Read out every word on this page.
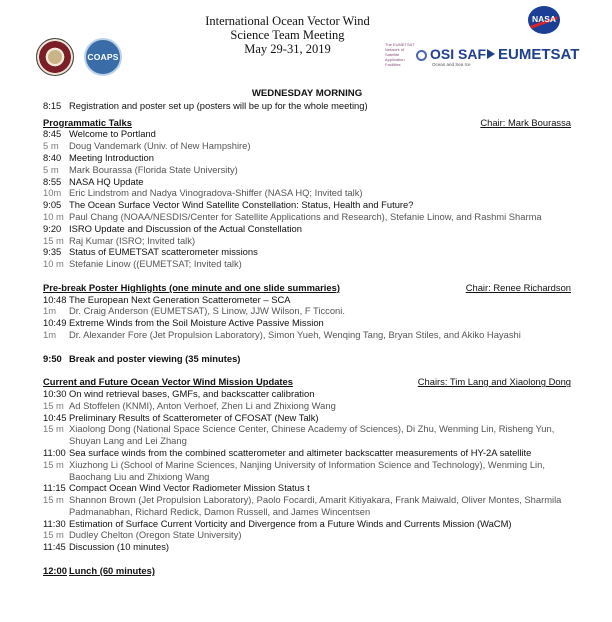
International Ocean Vector Wind
Science Team Meeting
May 29-31, 2019
COAPS
NASA
The EUMETSAT Network of Satellite Application Facilities
OSI SAF
Ocean and Sea Ice
EUMETSAT
WEDNESDAY MORNING
8:15 Registration and poster set up (posters will be up for the whole meeting)
Programmatic Talks	Chair: Mark Bourassa
8:45 Welcome to Portland
5 m	Doug Vandemark (Univ. of New Hampshire)
8:40 Meeting Introduction
5 m	Mark Bourassa (Florida State University)
8:55 NASA HQ Update
10m Eric Lindstrom and Nadya Vinogradova-Shiffer (NASA HQ; Invited talk)
9:05 The Ocean Surface Vector Wind Satellite Constellation: Status, Health and Future?
10 m Paul Chang (NOAA/NESDIS/Center for Satellite Applications and Research), Stefanie Linow, and Rashmi Sharma
9:20 ISRO Update and Discussion of the Actual Constellation
15 m Raj Kumar (ISRO; Invited talk)
9:35 Status of EUMETSAT scatterometer missions
10 m Stefanie Linow ((EUMETSAT; Invited talk)
Pre-break Poster Highlights (one minute and one slide summaries)	Chair: Renee Richardson
10:48 The European Next Generation Scatterometer – SCA
1m	Dr. Craig Anderson (EUMETSAT), S Linow, JJW Wilson, F Ticconi.
10:49 Extreme Winds from the Soil Moisture Active Passive Mission
1m	Dr. Alexander Fore (Jet Propulsion Laboratory), Simon Yueh, Wenqing Tang, Bryan Stiles, and Akiko Hayashi
9:50 Break and poster viewing (35 minutes)
Current and Future Ocean Vector Wind Mission Updates	Chairs: Tim Lang and Xiaolong Dong
10:30 On wind retrieval bases, GMFs, and backscatter calibration
15 m Ad Stoffelen (KNMI), Anton Verhoef, Zhen Li and Zhixiong Wang
10:45 Preliminary Results of Scatterometer of CFOSAT (New Talk)
15 m Xiaolong Dong (National Space Science Center, Chinese Academy of Sciences), Di Zhu, Wenming Lin, Risheng Yun, Shuyan Lang and Lei Zhang
11:00 Sea surface winds from the combined scatterometer and altimeter backscatter measurements of HY-2A satellite
15 m Xiuzhong Li (School of Marine Sciences, Nanjing University of Information Science and Technology), Wenming Lin, Baochang Liu and Zhixiong Wang
11:15 Compact Ocean Wind Vector Radiometer Mission Status t
15 m Shannon Brown (Jet Propulsion Laboratory), Paolo Focardi, Amarit Kitiyakara, Frank Maiwald, Oliver Montes, Sharmila Padmanabhan, Richard Redick, Damon Russell, and James Wincentsen
11:30 Estimation of Surface Current Vorticity and Divergence from a Future Winds and Currents Mission (WaCM)
15 m Dudley Chelton (Oregon State University)
11:45 Discussion (10 minutes)
12:00 Lunch (60 minutes)
